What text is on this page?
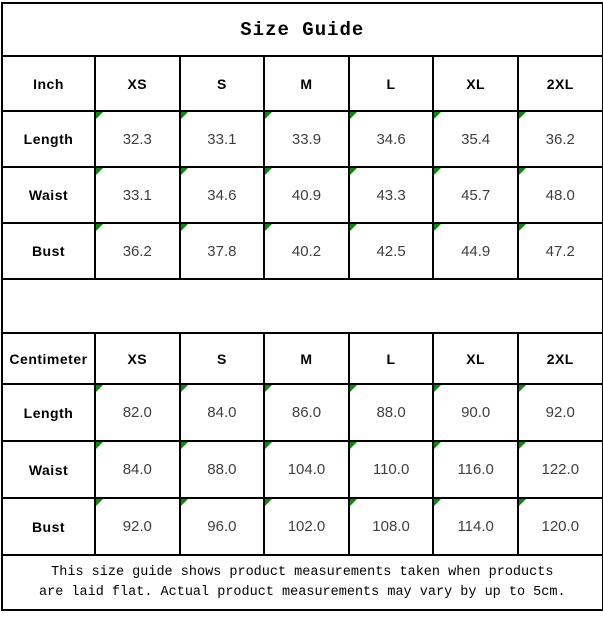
Size Guide						
Inch	XS	S	M	L	XL	2XL
Length	32.3	33.1	33.9	34.6	35.4	36.2
Waist	33.1	34.6	40.9	43.3	45.7	48.0
Bust	36.2	37.8	40.2	42.5	44.9	47.2

Centimeter	XS	S	M	L	XL	2XL
Length	82.0	84.0	86.0	88.0	90.0	92.0
Waist	84.0	88.0	104.0	110.0	116.0	122.0
Bust	92.0	96.0	102.0	108.0	114.0	120.0

This size guide shows product measurements taken when products
are laid flat. Actual product measurements may vary by up to 5cm.						
